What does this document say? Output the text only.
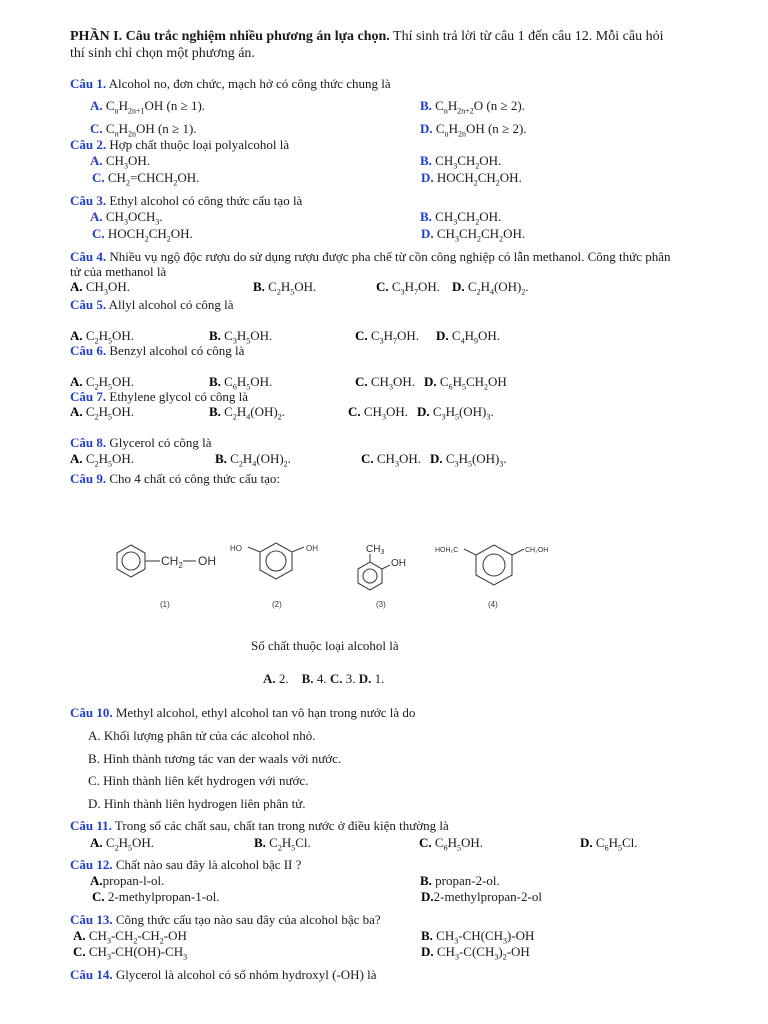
PHẦN I. Câu trắc nghiệm nhiều phương án lựa chọn. Thí sinh trả lời từ câu 1 đến câu 12. Mỗi câu hỏi
thí sinh chỉ chọn một phương án.
Câu 1. Alcohol no, đơn chức, mạch hở có công thức chung là
A. $C_nH_{2n+1}OH$ (n ≥ 1).	B. $C_nH_{2n+2}O$ (n ≥ 2).
C. $C_nH_{2n}OH$ (n ≥ 1).	D. $C_nH_{2n}OH$ (n ≥ 2).
Câu 2. Hợp chất thuộc loại polyalcohol là
A. $CH_3OH$.	B. $CH_3CH_2OH$.
C. $CH_2=CHCH_2OH$.	D. $HOCH_2CH_2OH$.
Câu 3. Ethyl alcohol có công thức cấu tạo là
A. $CH_3OCH_3$.	B. $CH_3CH_2OH$.
C. $HOCH_2CH_2OH$.	D. $CH_3CH_2CH_2OH$.
Câu 4. Nhiều vụ ngộ độc rượu do sử dụng rượu được pha chế từ cồn công nghiệp có lẫn methanol. Công thức phân
tử của methanol là
A. $CH_3OH$.	B. $C_2H_5OH$.	C. $C_3H_7OH$. D. $C_2H_4(OH)_2$.
Câu 5. Allyl alcohol có công là
A. $C_2H_5OH$.	B. $C_3H_5OH$.	C. $C_3H_7OH$. D. $C_4H_9OH$.
Câu 6. Benzyl alcohol có công là
A. $C_2H_5OH$.	B. $C_6H_5OH$.	C. $CH_3OH$. D. $C_6H_5CH_2OH$
Câu 7. Ethylene glycol có công là
A. $C_2H_5OH$.	B. $C_2H_4(OH)_2$.	C. $CH_3OH$. D. $C_3H_5(OH)_3$.
Câu 8. Glycerol có công là
A. $C_2H_5OH$.	B. $C_2H_4(OH)_2$.	C. $CH_3OH$. D. $C_3H_5(OH)_3$.
Câu 9. Cho 4 chất có công thức cấu tạo:
$CH_2$ OH
HO	OH	$CH_3$
OH
HOH₂C	CH₂OH
(1)	(2)	(3)	(4)
Số chất thuộc loại alcohol là
A. 2.    B. 4. C. 3. D. 1.
Câu 10. Methyl alcohol, ethyl alcohol tan vô hạn trong nước là do
A. Khối lượng phân tử của các alcohol nhỏ.
B. Hình thành tương tác van der waals với nước.
C. Hình thành liên kết hydrogen với nước.
D. Hình thành liên hydrogen liên phân tử.
Câu 11. Trong số các chất sau, chất tan trong nước ở điều kiện thường là
A. $C_2H_5OH$.	B. $C_2H_5Cl$.	C. $C_6H_5OH$.	D. $C_6H_5Cl$.
Câu 12. Chất nào sau đây là alcohol bậc II ?
A.propan-l-ol.	B. propan-2-ol.
C. 2-methylpropan-1-ol.	D.2-methylpropan-2-ol
Câu 13. Công thức cấu tạo nào sau đây của alcohol bậc ba?
A. $CH_3-CH_2-CH_2-OH$	B. $CH_3-CH(CH_3)-OH$
C. $CH_3-CH(OH)-CH_3$	D. $CH_3-C(CH_3)_2-OH$
Câu 14. Glycerol là alcohol có số nhóm hydroxyl (-OH) là
